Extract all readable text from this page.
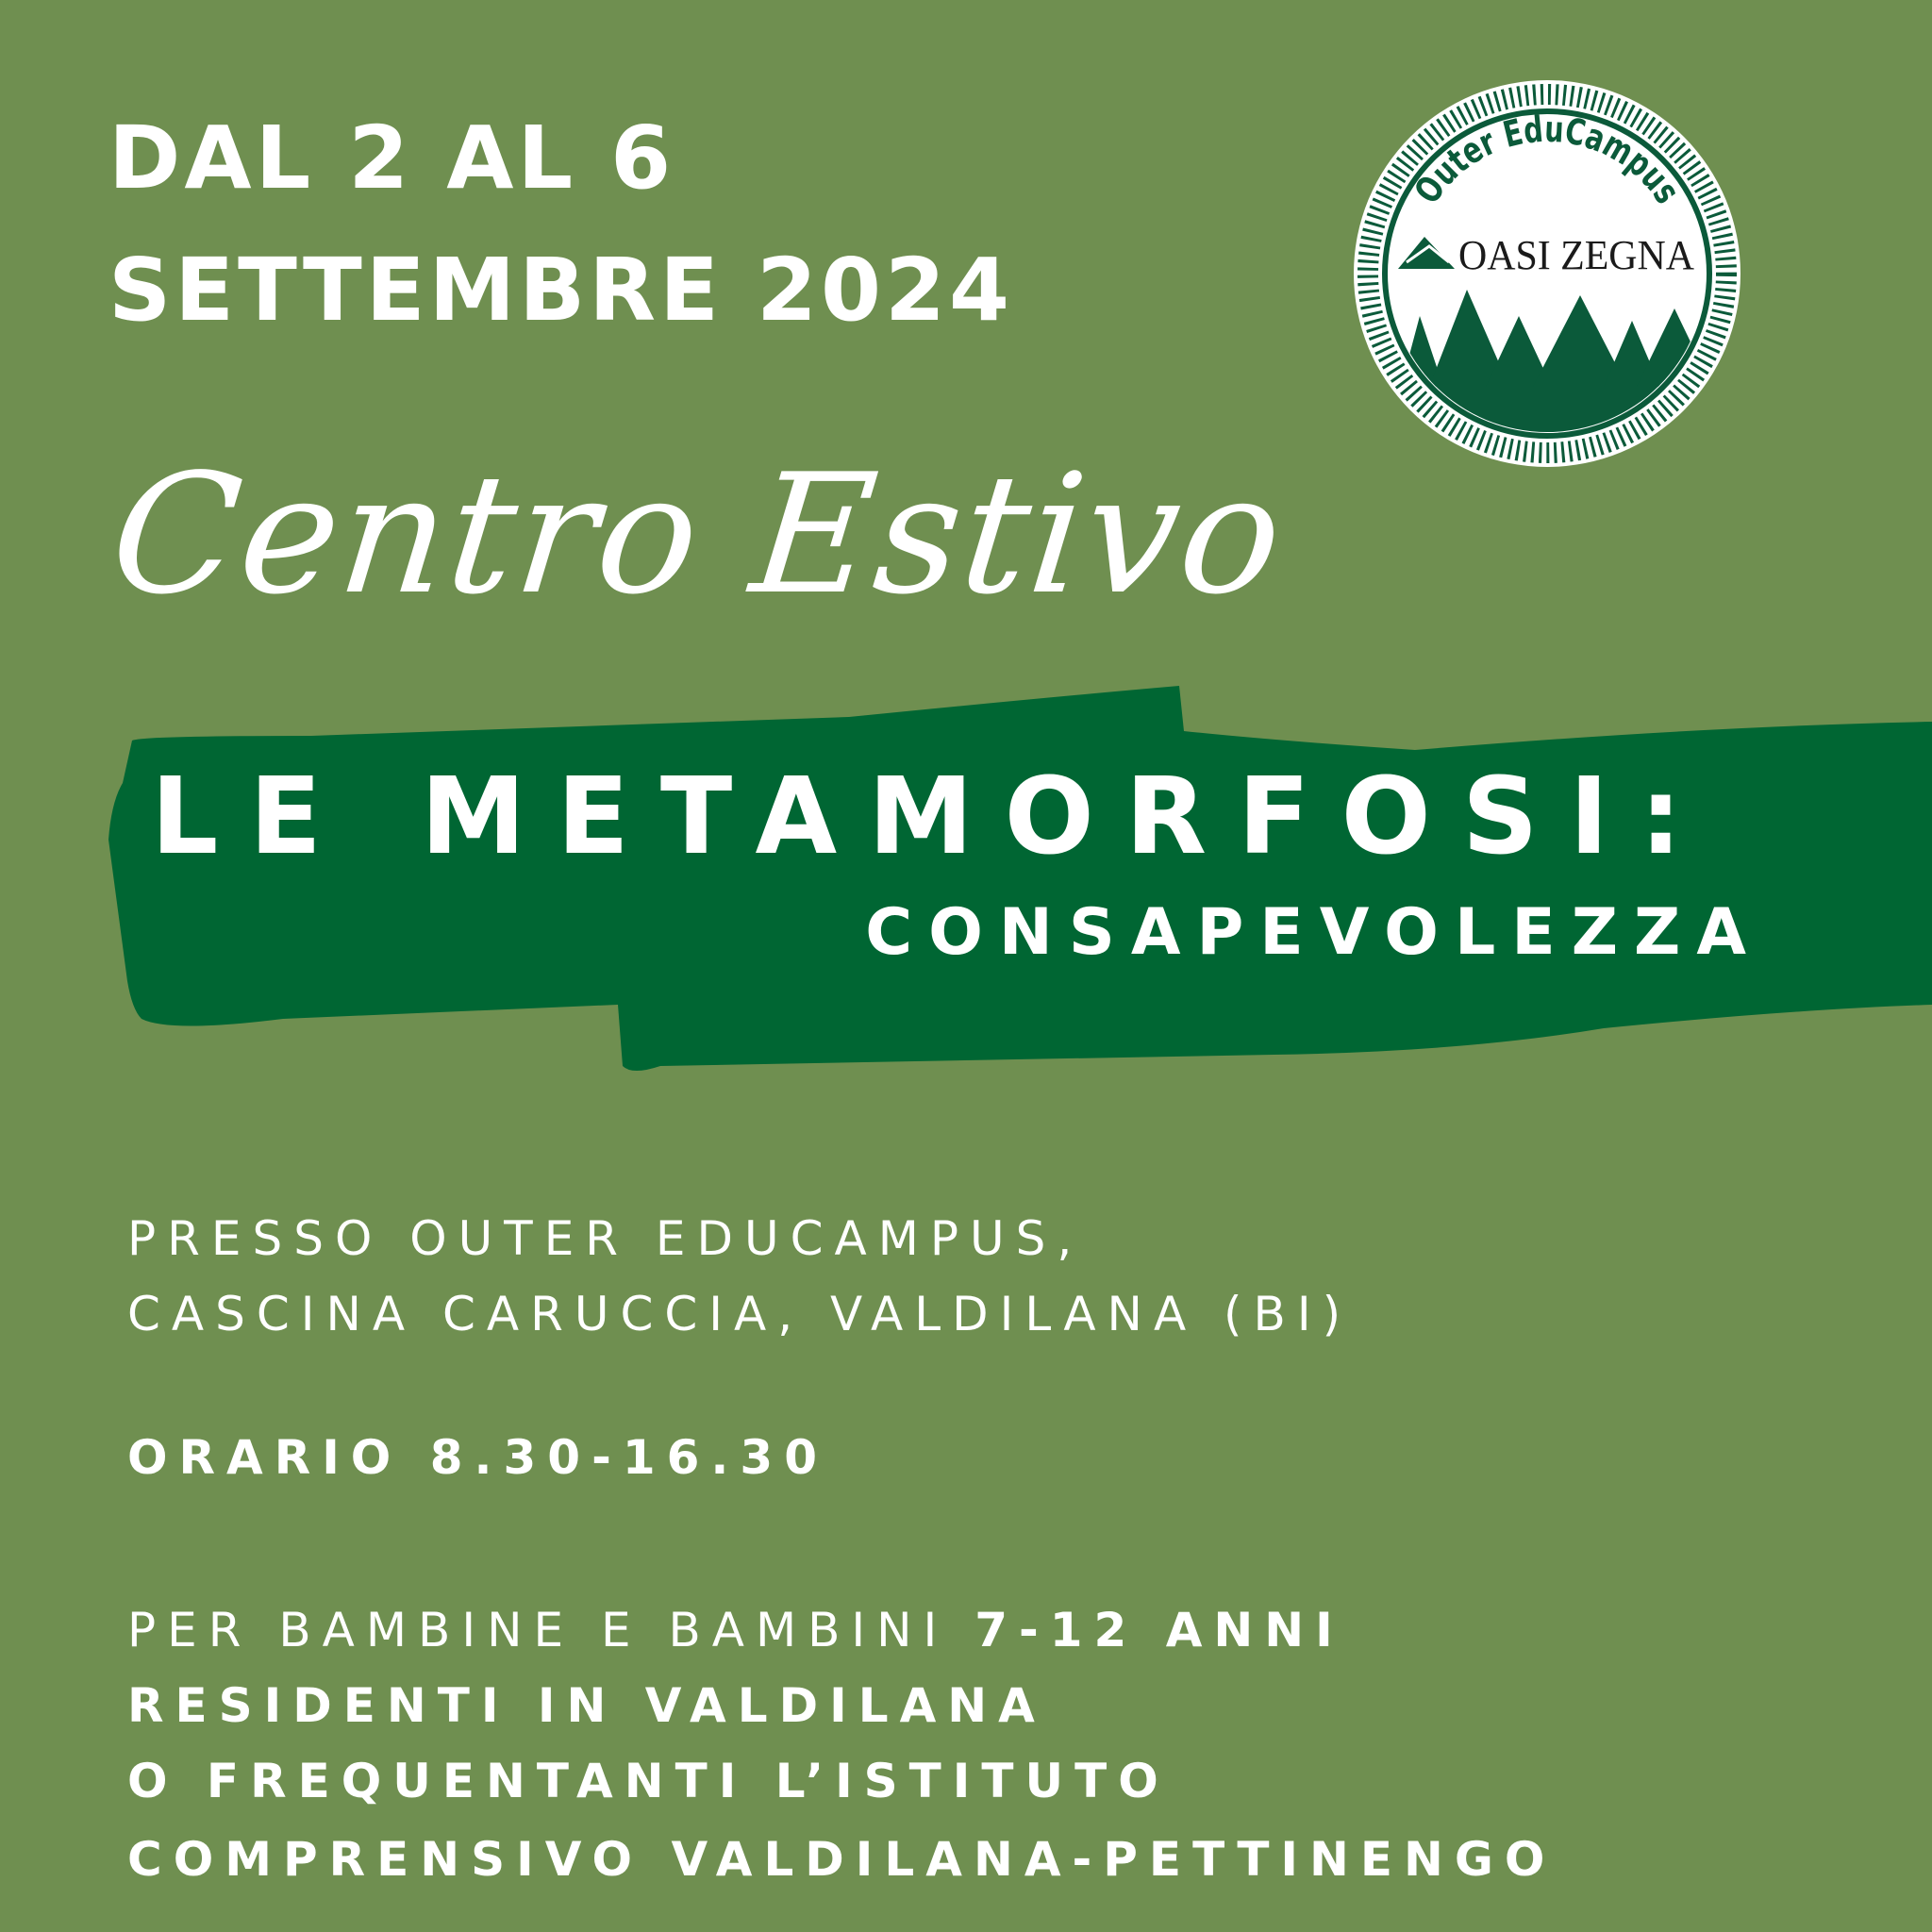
DAL 2 AL 6
SETTEMBRE 2024
Outer EduCampus
OASI ZEGNA
Centro Estivo
LE METAMORFOSI:
CONSAPEVOLEZZA
PRESSO OUTER EDUCAMPUS,
CASCINA CARUCCIA, VALDILANA (BI)
ORARIO 8.30-16.30
PER BAMBINE E BAMBINI 7-12 ANNI
RESIDENTI IN VALDILANA
O FREQUENTANTI L’ISTITUTO
COMPRENSIVO VALDILANA-PETTINENGO
